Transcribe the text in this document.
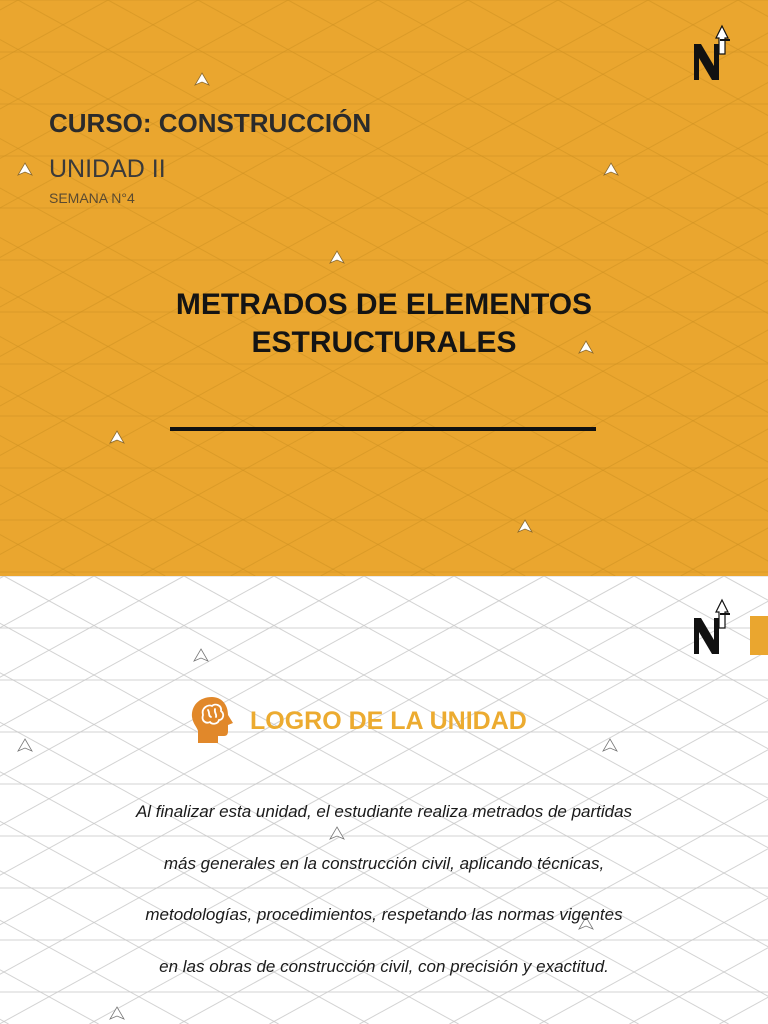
CURSO: CONSTRUCCIÓN
UNIDAD II
SEMANA N°4
METRADOS DE ELEMENTOS
ESTRUCTURALES
LOGRO DE LA UNIDAD
Al finalizar esta unidad, el estudiante realiza metrados de partidas
más generales en la construcción civil, aplicando técnicas,
metodologías, procedimientos, respetando las normas vigentes
en las obras de construcción civil, con precisión y exactitud.
